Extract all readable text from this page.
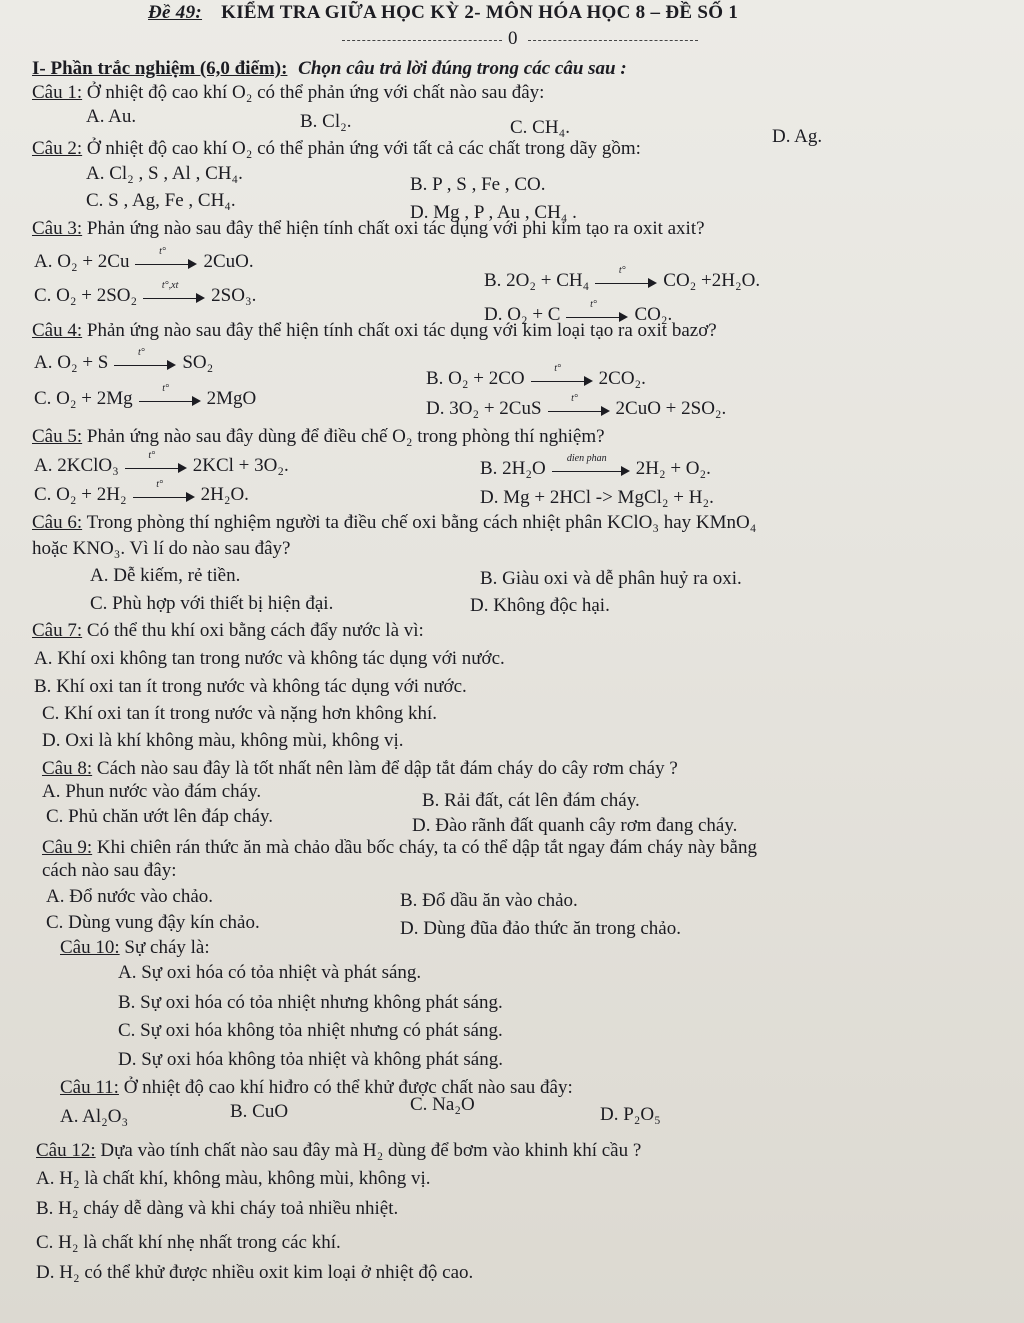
Đề 49: KIỂM TRA GIỮA HỌC KỲ 2- MÔN HÓA HỌC 8 – ĐỀ SỐ 1
0
I- Phần trắc nghiệm (6,0 điểm): Chọn câu trả lời đúng trong các câu sau :
Câu 1: Ở nhiệt độ cao khí O₂ có thể phản ứng với chất nào sau đây:
A. Au.	B. Cl₂.	C. CH₄.	D. Ag.
Câu 2: Ở nhiệt độ cao khí O₂ có thể phản ứng với tất cả các chất trong dãy gồm:
A. Cl₂ , S , Al , CH₄.
B. P , S , Fe , CO.
C. S , Ag, Fe , CH₄.
D. Mg , P , Au , CH₄ .
Câu 3: Phản ứng nào sau đây thể hiện tính chất oxi tác dụng với phi kim tạo ra oxit axit?
A. O₂ + 2Cu	t°	2CuO.
B. 2O₂ + CH₄	t°	CO₂ +2H₂O.
C. O₂ + 2SO₂	t°,xt	2SO₃.
D. O₂ + C	t°	CO₂.
Câu 4: Phản ứng nào sau đây thể hiện tính chất oxi tác dụng với kim loại tạo ra oxit bazơ?
A. O₂ + S	t°	SO₂
B. O₂ + 2CO	t°	2CO₂.
C. O₂ + 2Mg	t°	2MgO	D. 3O₂ + 2CuS	t°	2CuO + 2SO₂.
Câu 5: Phản ứng nào sau đây dùng để điều chế O₂ trong phòng thí nghiệm?
A. 2KClO₃	t°	2KCl + 3O₂.	B. 2H₂O	dien phan	2H₂ + O₂.
C. O₂ + 2H₂	t°	2H₂O.	D. Mg + 2HCl -> MgCl₂ + H₂.
Câu 6: Trong phòng thí nghiệm người ta điều chế oxi bằng cách nhiệt phân KClO₃ hay KMnO₄
hoặc KNO₃. Vì lí do nào sau đây?
A. Dễ kiếm, rẻ tiền.	B. Giàu oxi và dễ phân huỷ ra oxi.
C. Phù hợp với thiết bị hiện đại.	D. Không độc hại.
Câu 7: Có thể thu khí oxi bằng cách đẩy nước là vì:
A. Khí oxi không tan trong nước và không tác dụng với nước.
B. Khí oxi tan ít trong nước và không tác dụng với nước.
C. Khí oxi tan ít trong nước và nặng hơn không khí.
D. Oxi là khí không màu, không mùi, không vị.
Câu 8: Cách nào sau đây là tốt nhất nên làm để dập tắt đám cháy do cây rơm cháy ?
A. Phun nước vào đám cháy.	B. Rải đất, cát lên đám cháy.
C. Phủ chăn ướt lên đáp cháy.	D. Đào rãnh đất quanh cây rơm đang cháy.
Câu 9: Khi chiên rán thức ăn mà chảo dầu bốc cháy, ta có thể dập tắt ngay đám cháy này bằng
cách nào sau đây:
A. Đổ nước vào chảo.	B. Đổ dầu ăn vào chảo.
C. Dùng vung đậy kín chảo.	D. Dùng đũa đảo thức ăn trong chảo.
Câu 10: Sự cháy là:
A. Sự oxi hóa có tỏa nhiệt và phát sáng.
B. Sự oxi hóa có tỏa nhiệt nhưng không phát sáng.
C. Sự oxi hóa không tỏa nhiệt nhưng có phát sáng.
D. Sự oxi hóa không tỏa nhiệt và không phát sáng.
Câu 11: Ở nhiệt độ cao khí hiđro có thể khử được chất nào sau đây:
A. Al₂O₃	B. CuO	C. Na₂O	D. P₂O₅
Câu 12: Dựa vào tính chất nào sau đây mà H₂ dùng để bơm vào khinh khí cầu ?
A. H₂ là chất khí, không màu, không mùi, không vị.
B. H₂ cháy dễ dàng và khi cháy toả nhiều nhiệt.
C. H₂ là chất khí nhẹ nhất trong các khí.
D. H₂ có thể khử được nhiều oxit kim loại ở nhiệt độ cao.
